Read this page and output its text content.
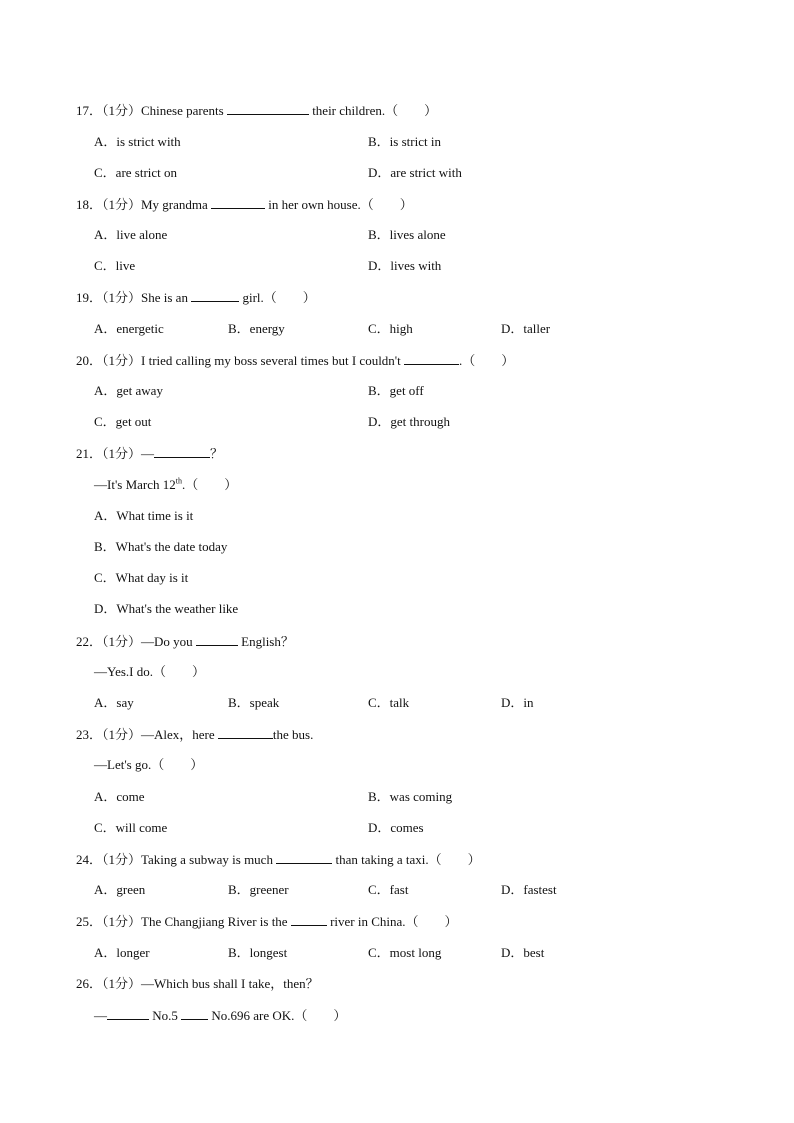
17．（1分）Chinese parents	their children.（　　）
A．is strict with	B．is strict in
C．are strict on	D．are strict with
18．（1分）My grandma	in her own house.（　　）
A．live alone	B．lives alone
C．live	D．lives with
19．（1分）She is an	girl.（　　）
A．energetic	B．energy	C．high	D．taller
20．（1分）I tried calling my boss several times but I couldn't	.（　　）
A．get away	B．get off
C．get out	D．get through
21．（1分）—	？
—It's March 12th.（　　）
A．What time is it
B．What's the date today
C．What day is it
D．What's the weather like
22．（1分）—Do you	English？
—Yes.I do.（　　）
A．say	B．speak	C．talk	D．in
23．（1分）—Alex，here	the bus.
—Let's go.（　　）
A．come	B．was coming
C．will come	D．comes
24．（1分）Taking a subway is much	than taking a taxi.（　　）
A．green	B．greener	C．fast	D．fastest
25．（1分）The Changjiang River is the	river in China.（　　）
A．longer	B．longest	C．most long	D．best
26．（1分）—Which bus shall I take，then？
—	No.5  No.696 are OK.（　　）
